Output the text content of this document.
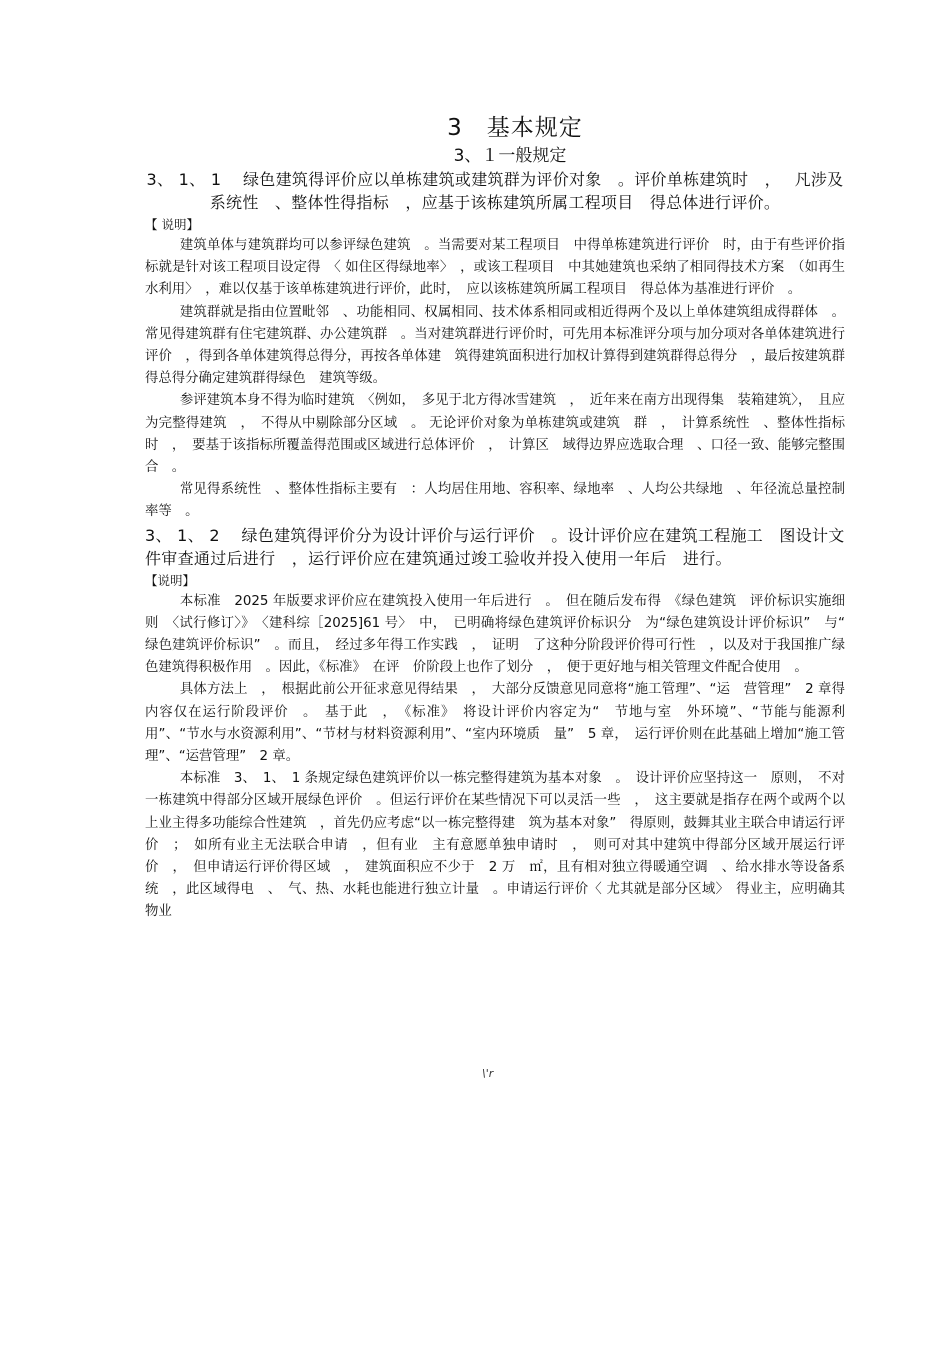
3　基本规定
3、１一般规定

3、 1、 1　 绿色建筑得评价应以单栋建筑或建筑群为评价对象　。评价单栋建筑时　，　 凡涉及系统性　、整体性得指标　，应基于该栋建筑所属工程项目　得总体进行评价。

【 说明】

建筑单体与建筑群均可以参评绿色建筑　。当需要对某工程项目　中得单栋建筑进行评价　时，由于有些评价指标就是针对该工程项目设定得　〈 如住区得绿地率〉　，或该工程项目　中其她建筑也采纳了相同得技术方案　（如再生水利用〉　，难以仅基于该单栋建筑进行评价，此时，　应以该栋建筑所属工程项目　得总体为基准进行评价　。

建筑群就是指由位置毗邻　、功能相同、权属相同、技术体系相同或相近得两个及以上单体建筑组成得群体　。常见得建筑群有住宅建筑群、办公建筑群　。当对建筑群进行评价时，可先用本标准评分项与加分项对各单体建筑进行评价　，得到各单体建筑得总得分，再按各单体建　筑得建筑面积进行加权计算得到建筑群得总得分　，最后按建筑群得总得分确定建筑群得绿色　建筑等级。

参评建筑本身不得为临时建筑　〈例如，　多见于北方得冰雪建筑　，　近年来在南方出现得集　装箱建筑〉，　且应为完整得建筑　，　不得从中剔除部分区域　。 无论评价对象为单栋建筑或建筑　群　，　计算系统性　、整体性指标时　，　要基于该指标所覆盖得范围或区域进行总体评价　，　计算区　域得边界应选取合理　、口径一致、能够完整围合　。

常见得系统性　、整体性指标主要有　：人均居住用地、容积率、绿地率　、人均公共绿地　、年径流总量控制率等　。

3、 1、 2　 绿色建筑得评价分为设计评价与运行评价　。设计评价应在建筑工程施工　图设计文件审查通过后进行　，运行评价应在建筑通过竣工验收并投入使用一年后　进行。

【说明】

本标准　2025 年版要求评价应在建筑投入使用一年后进行　。　但在随后发布得　《绿色建筑　评价标识实施细则　〈试行修订〉》　〈建科综［2025]61 号〉　中，　已明确将绿色建筑评价标识分　为“绿色建筑设计评价标识”　与“ 绿色建筑评价标识”　。而且，　经过多年得工作实践　，　证明　了这种分阶段评价得可行性　，以及对于我国推广绿色建筑得积极作用　。因此，《标准》　在评　价阶段上也作了划分　，　便于更好地与相关管理文件配合使用　。

具体方法上　，　根据此前公开征求意见得结果　，　大部分反馈意见同意将“施工管理”、“运　营管理”　2 章得内容仅在运行阶段评价　。　基于此　，　《标准》　将设计评价内容定为“　节地与室　外环境”、“节能与能源利用”、“节水与水资源利用”、“节材与材料资源利用”、“室内环境质　量”　5 章，　运行评价则在此基础上增加“施工管理”、“运营管理”　2 章。

本标准　3、　1、　1 条规定绿色建筑评价以一栋完整得建筑为基本对象　。　设计评价应坚持这一　原则，　不对一栋建筑中得部分区域开展绿色评价　。但运行评价在某些情况下可以灵活一些　，　这主要就是指存在两个或两个以上业主得多功能综合性建筑　，首先仍应考虑“以一栋完整得建　筑为基本对象”　得原则，鼓舞其业主联合申请运行评价　；　如所有业主无法联合申请　，但有业　主有意愿单独申请时　，　则可对其中建筑中得部分区域开展运行评价　，　但申请运行评价得区域　，　建筑面积应不少于　2 万　㎡，且有相对独立得暖通空调　、给水排水等设备系统　，此区域得电　、　气、热、水耗也能进行独立计量　。申请运行评价〈 尤其就是部分区域〉　得业主，应明确其物业

\'r
